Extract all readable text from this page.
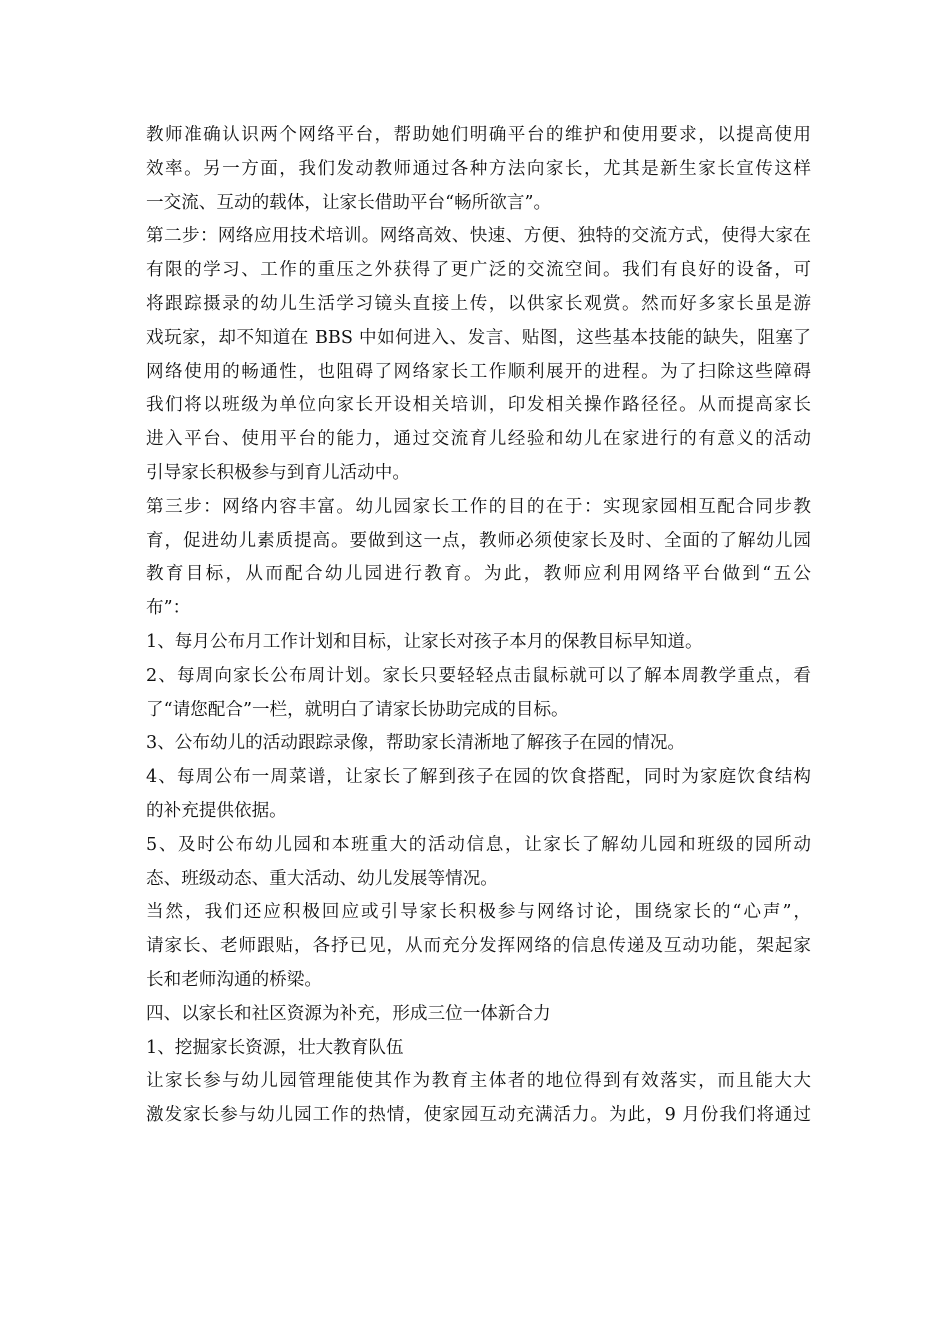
教师准确认识两个网络平台，帮助她们明确平台的维护和使用要求，以提高使用
效率。另一方面，我们发动教师通过各种方法向家长，尤其是新生家长宣传这样
一交流、互动的载体，让家长借助平台“畅所欲言”。
第二步：网络应用技术培训。网络高效、快速、方便、独特的交流方式，使得大家在
有限的学习、工作的重压之外获得了更广泛的交流空间。我们有良好的设备，可
将跟踪摄录的幼儿生活学习镜头直接上传，以供家长观赏。然而好多家长虽是游
戏玩家，却不知道在 BBS 中如何进入、发言、贴图，这些基本技能的缺失，阻塞了
网络使用的畅通性，也阻碍了网络家长工作顺利展开的进程。为了扫除这些障碍
我们将以班级为单位向家长开设相关培训，印发相关操作路径径。从而提高家长
进入平台、使用平台的能力，通过交流育儿经验和幼儿在家进行的有意义的活动
引导家长积极参与到育儿活动中。
第三步：网络内容丰富。幼儿园家长工作的目的在于：实现家园相互配合同步教
育，促进幼儿素质提高。要做到这一点，教师必须使家长及时、全面的了解幼儿园
教育目标，从而配合幼儿园进行教育。为此，教师应利用网络平台做到“五公
布”：
1、每月公布月工作计划和目标，让家长对孩子本月的保教目标早知道。
2、每周向家长公布周计划。家长只要轻轻点击鼠标就可以了解本周教学重点，看
了“请您配合”一栏，就明白了请家长协助完成的目标。
3、公布幼儿的活动跟踪录像，帮助家长清淅地了解孩子在园的情况。
4、每周公布一周菜谱，让家长了解到孩子在园的饮食搭配，同时为家庭饮食结构
的补充提供依据。
5、及时公布幼儿园和本班重大的活动信息，让家长了解幼儿园和班级的园所动
态、班级动态、重大活动、幼儿发展等情况。
当然，我们还应积极回应或引导家长积极参与网络讨论，围绕家长的“心声”，
请家长、老师跟贴，各抒已见，从而充分发挥网络的信息传递及互动功能，架起家
长和老师沟通的桥梁。
四、以家长和社区资源为补充，形成三位一体新合力
1、挖掘家长资源，壮大教育队伍
让家长参与幼儿园管理能使其作为教育主体者的地位得到有效落实，而且能大大
激发家长参与幼儿园工作的热情，使家园互动充满活力。为此，9 月份我们将通过
